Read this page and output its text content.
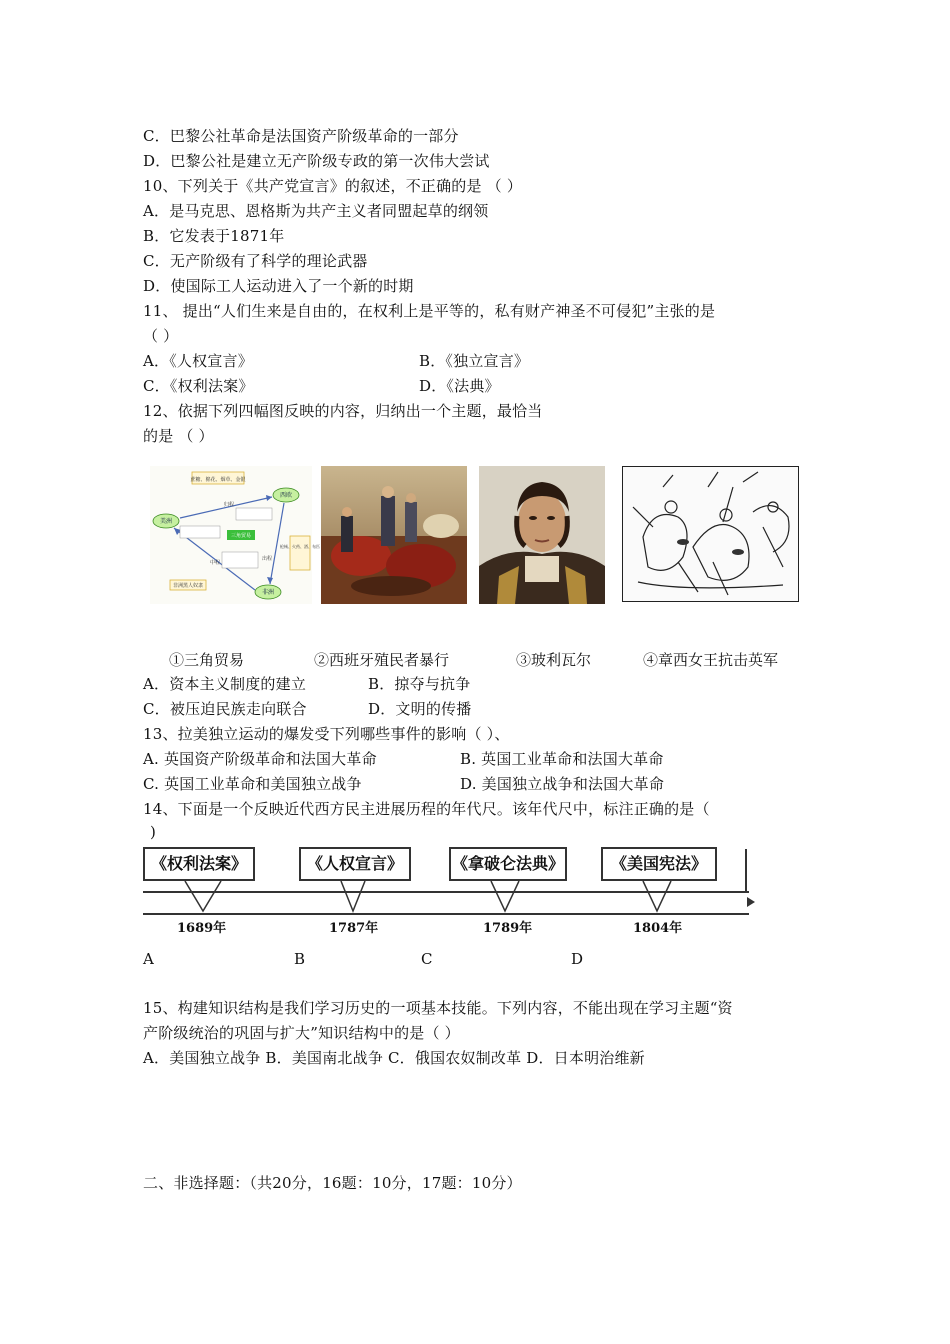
C．巴黎公社革命是法国资产阶级革命的一部分
D．巴黎公社是建立无产阶级专政的第一次伟大尝试
10、下列关于《共产党宣言》的叙述，不正确的是 （ ）
A．是马克思、恩格斯为共产主义者同盟起草的纲领
B．它发表于1871年
C．无产阶级有了科学的理论武器
D．使国际工人运动进入了一个新的时期
11、 提出“人们生来是自由的，在权利上是平等的，私有财产神圣不可侵犯”主张的是
（ ）
A．《人权宣言》	B．《独立宣言》
C．《权利法案》	D．《法典》
12、依据下列四幅图反映的内容，归纳出一个主题，最恰当
的是 （ ）
蔗糖、棉花、烟草、金银
西欧
美洲
非洲
三角贸易
归程
出程
中程
枪械、火药、酒、布匹
非洲黑人奴隶
①三角贸易	②西班牙殖民者暴行	③玻利瓦尔	④章西女王抗击英军
A．资本主义制度的建立	B．掠夺与抗争
C．被压迫民族走向联合	D．文明的传播
13、拉美独立运动的爆发受下列哪些事件的影响（ ）、
A. 英国资产阶级革命和法国大革命	B. 英国工业革命和法国大革命
C. 英国工业革命和美国独立战争	D. 美国独立战争和法国大革命
14、下面是一个反映近代西方民主进展历程的年代尺。该年代尺中，标注正确的是（
)
《权利法案》	《人权宣言》	《拿破仑法典》	《美国宪法》
1689年	1787年	1789年	1804年
A	B	C	D
15、构建知识结构是我们学习历史的一项基本技能。下列内容，不能出现在学习主题“资
产阶级统治的巩固与扩大”知识结构中的是（ ）
A．美国独立战争 B．美国南北战争 C．俄国农奴制改革 D．日本明治维新
二、非选择题：（共20分，16题：10分，17题：10分）
